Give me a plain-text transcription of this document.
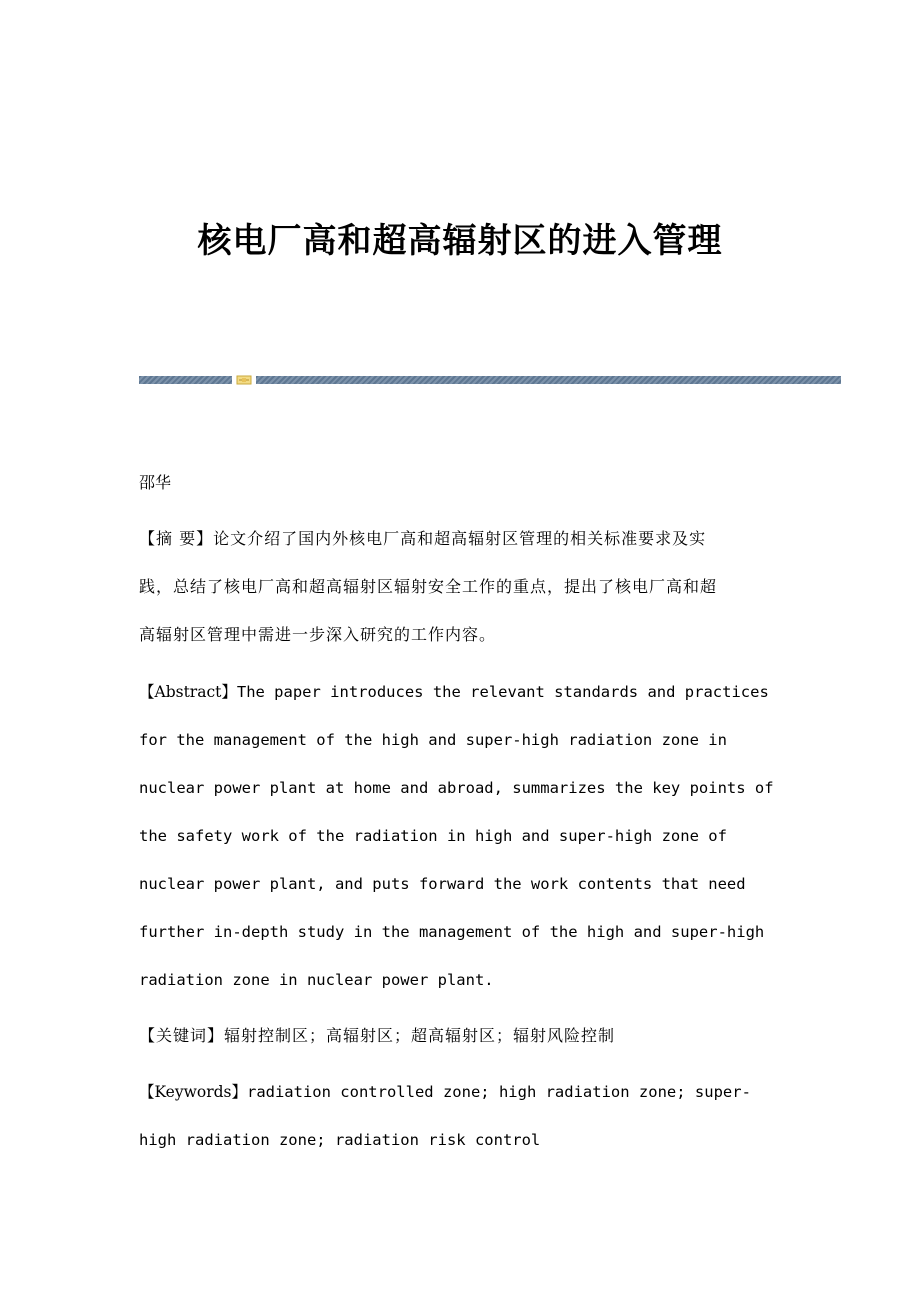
核电厂高和超高辐射区的进入管理
邵华

【摘 要】论文介绍了国内外核电厂高和超高辐射区管理的相关标准要求及实
践，总结了核电厂高和超高辐射区辐射安全工作的重点，提出了核电厂高和超
高辐射区管理中需进一步深入研究的工作内容。

【Abstract】The paper introduces the relevant standards and practices
for the management of the high and super-high radiation zone in
nuclear power plant at home and abroad, summarizes the key points of
the safety work of the radiation in high and super-high zone of
nuclear power plant, and puts forward the work contents that need
further in-depth study in the management of the high and super-high
radiation zone in nuclear power plant.

【关键词】辐射控制区；高辐射区；超高辐射区；辐射风险控制

【Keywords】radiation controlled zone; high radiation zone; super-
high radiation zone; radiation risk control
